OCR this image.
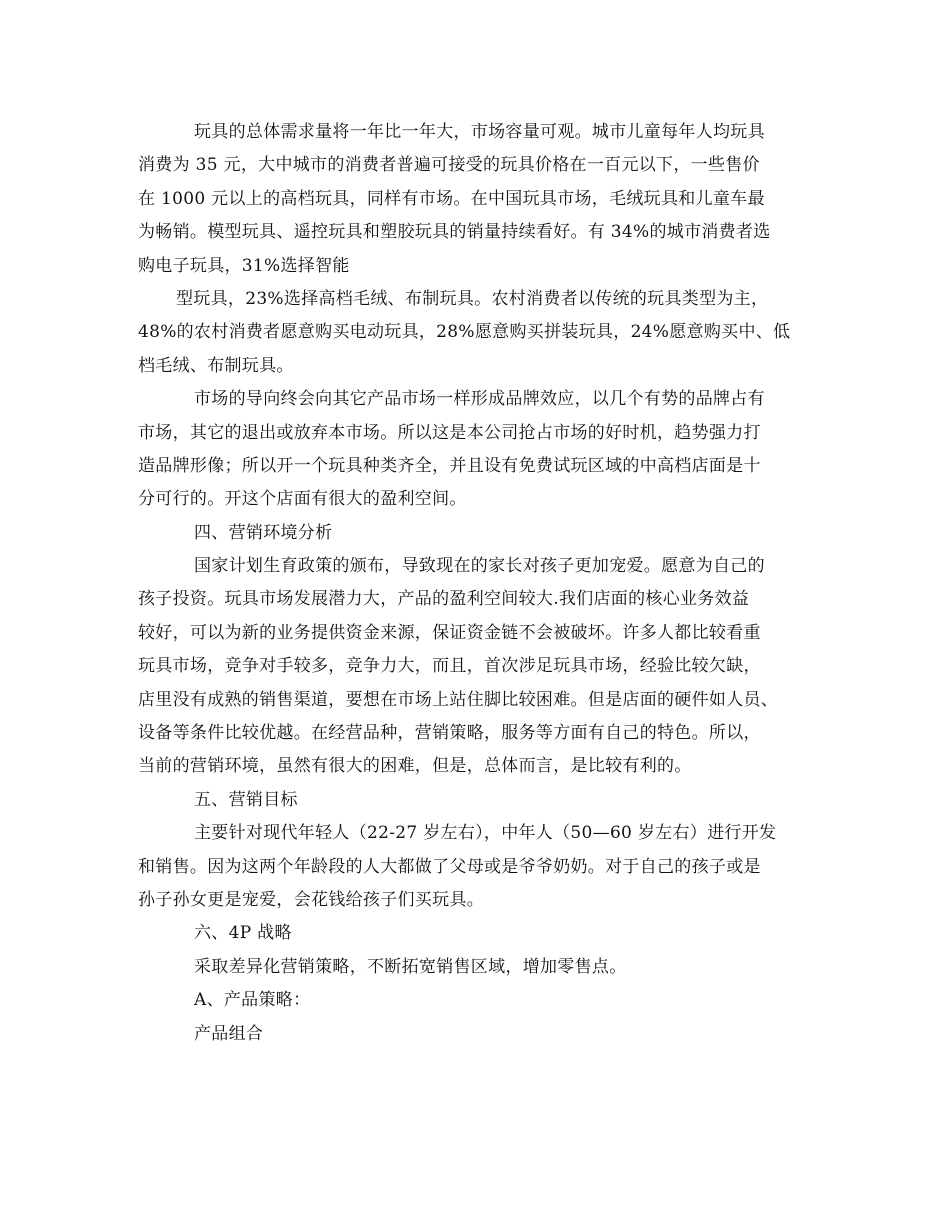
玩具的总体需求量将一年比一年大，市场容量可观。城市儿童每年人均玩具
消费为 35 元，大中城市的消费者普遍可接受的玩具价格在一百元以下，一些售价
在 1000 元以上的高档玩具，同样有市场。在中国玩具市场，毛绒玩具和儿童车最
为畅销。模型玩具、遥控玩具和塑胶玩具的销量持续看好。有 34%的城市消费者选
购电子玩具，31%选择智能
型玩具，23%选择高档毛绒、布制玩具。农村消费者以传统的玩具类型为主，
48%的农村消费者愿意购买电动玩具，28%愿意购买拼装玩具，24%愿意购买中、低
档毛绒、布制玩具。
市场的导向终会向其它产品市场一样形成品牌效应，以几个有势的品牌占有
市场，其它的退出或放弃本市场。所以这是本公司抢占市场的好时机，趋势强力打
造品牌形像；所以开一个玩具种类齐全，并且设有免费试玩区域的中高档店面是十
分可行的。开这个店面有很大的盈利空间。
四、营销环境分析
国家计划生育政策的颁布，导致现在的家长对孩子更加宠爱。愿意为自己的
孩子投资。玩具市场发展潜力大，产品的盈利空间较大.我们店面的核心业务效益
较好，可以为新的业务提供资金来源，保证资金链不会被破坏。许多人都比较看重
玩具市场，竞争对手较多，竞争力大，而且，首次涉足玩具市场，经验比较欠缺，
店里没有成熟的销售渠道，要想在市场上站住脚比较困难。但是店面的硬件如人员、
设备等条件比较优越。在经营品种，营销策略，服务等方面有自己的特色。所以，
当前的营销环境，虽然有很大的困难，但是，总体而言，是比较有利的。
五、营销目标
主要针对现代年轻人（22-27 岁左右），中年人（50—60 岁左右）进行开发
和销售。因为这两个年龄段的人大都做了父母或是爷爷奶奶。对于自己的孩子或是
孙子孙女更是宠爱，会花钱给孩子们买玩具。
六、4P 战略
采取差异化营销策略，不断拓宽销售区域，增加零售点。
A、产品策略：
产品组合
